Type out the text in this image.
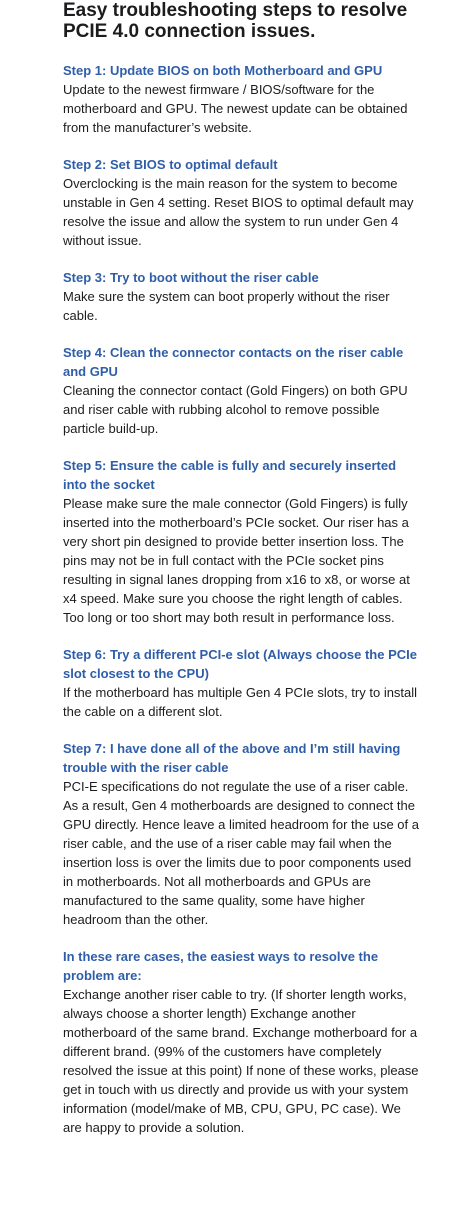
Easy troubleshooting steps to resolve PCIE 4.0 connection issues.

Step 1: Update BIOS on both Motherboard and GPU

Update to the newest firmware / BIOS/software for the motherboard and GPU. The newest update can be obtained from the manufacturer’s website.

Step 2: Set BIOS to optimal default

Overclocking is the main reason for the system to become unstable in Gen 4 setting. Reset BIOS to optimal default may resolve the issue and allow the system to run under Gen 4 without issue.

Step 3: Try to boot without the riser cable

Make sure the system can boot properly without the riser cable.

Step 4: Clean the connector contacts on the riser cable and GPU

Cleaning the connector contact (Gold Fingers) on both GPU and riser cable with rubbing alcohol to remove possible particle build-up.

Step 5: Ensure the cable is fully and securely inserted into the socket

Please make sure the male connector (Gold Fingers) is fully inserted into the motherboard’s PCIe socket. Our riser has a very short pin designed to provide better insertion loss. The pins may not be in full contact with the PCIe socket pins resulting in signal lanes dropping from x16 to x8, or worse at x4 speed. Make sure you choose the right length of cables. Too long or too short may both result in performance loss.

Step 6: Try a different PCI-e slot (Always choose the PCIe slot closest to the CPU)

If the motherboard has multiple Gen 4 PCIe slots, try to install the cable on a different slot.

Step 7: I have done all of the above and I’m still having trouble with the riser cable

PCI-E specifications do not regulate the use of a riser cable. As a result, Gen 4 motherboards are designed to connect the GPU directly. Hence leave a limited headroom for the use of a riser cable, and the use of a riser cable may fail when the insertion loss is over the limits due to poor components used in motherboards. Not all motherboards and GPUs are manufactured to the same quality, some have higher headroom than the other.

In these rare cases, the easiest ways to resolve the problem are:

Exchange another riser cable to try. (If shorter length works, always choose a shorter length) Exchange another motherboard of the same brand. Exchange motherboard for a different brand. (99% of the customers have completely resolved the issue at this point) If none of these works, please get in touch with us directly and provide us with your system information (model/make of MB, CPU, GPU, PC case). We are happy to provide a solution.
